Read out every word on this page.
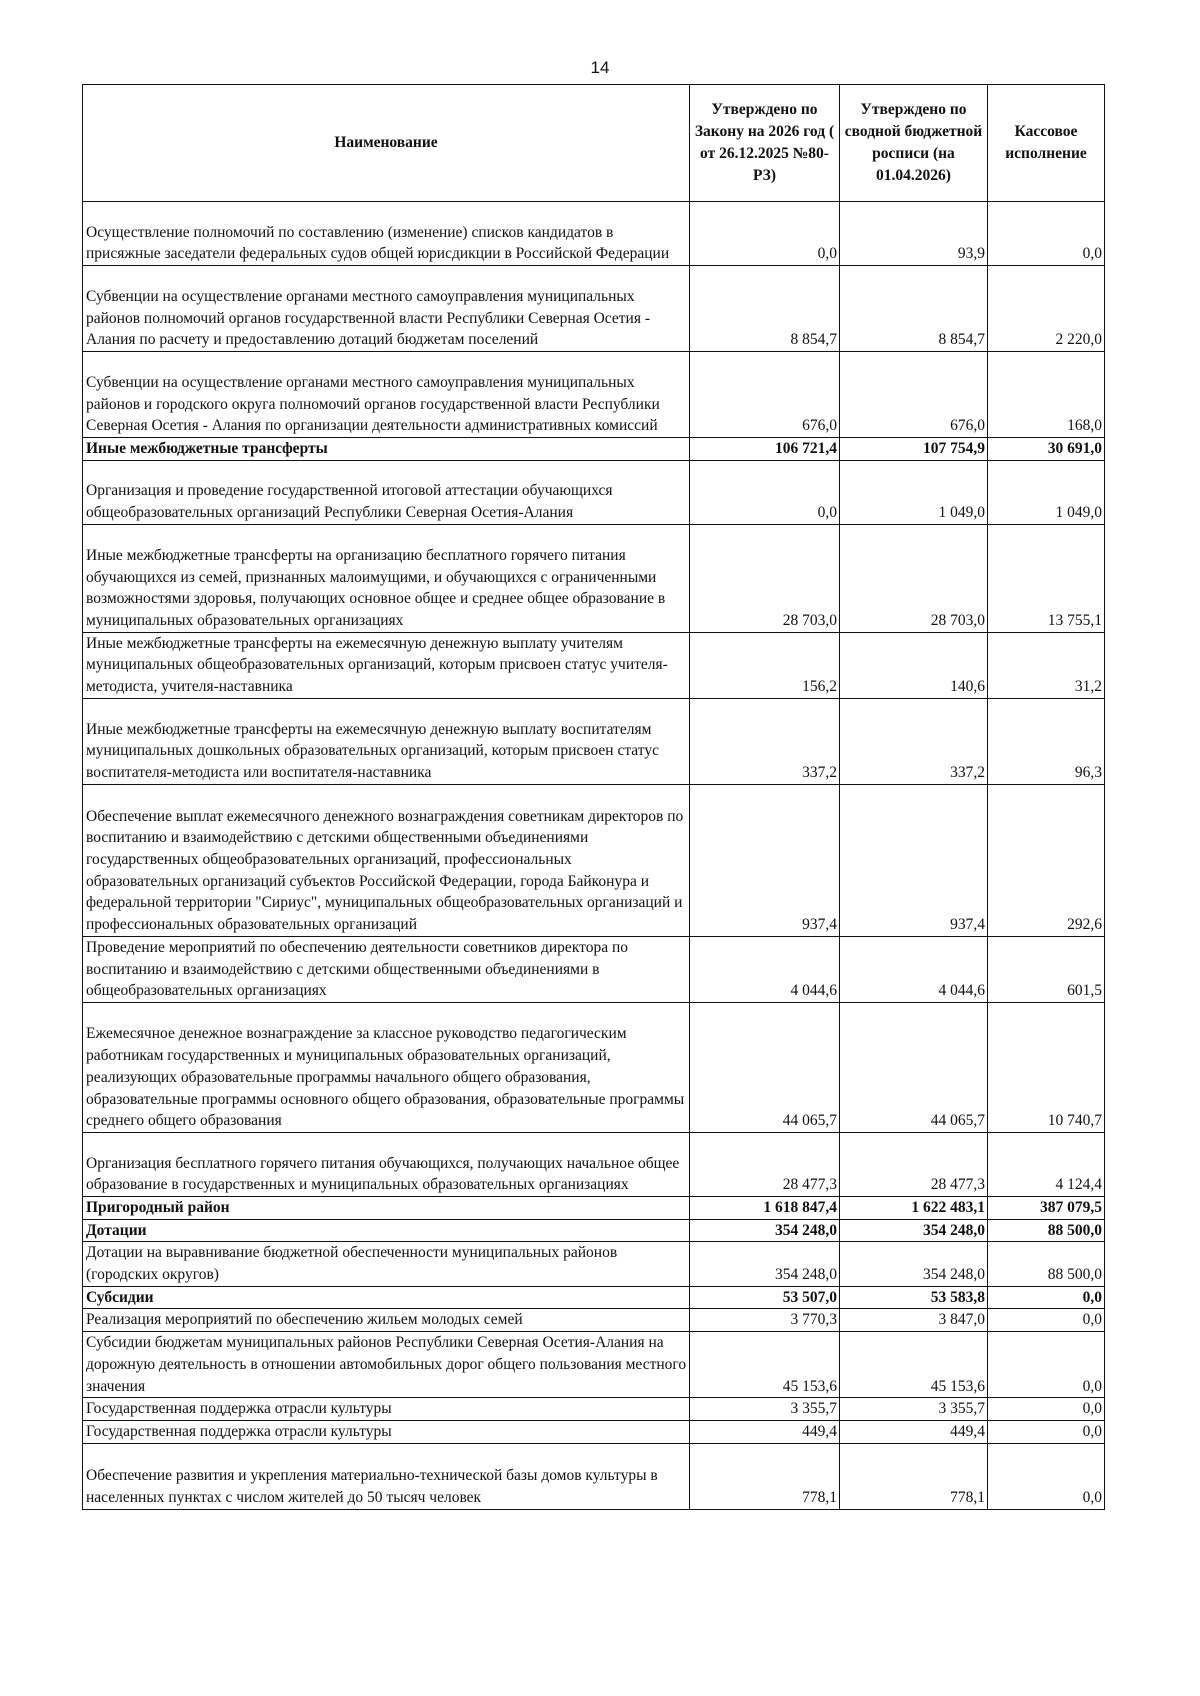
14
Наименование	Утверждено по Закону на 2026 год ( от 26.12.2025 №80-РЗ)	Утверждено по сводной бюджетной росписи (на 01.04.2026)	Кассовое исполнение
Осуществление полномочий по составлению (изменение) списков кандидатов в присяжные заседатели федеральных судов общей юрисдикции в Российской Федерации	0,0	93,9	0,0
Субвенции на осуществление органами местного самоуправления муниципальных районов полномочий органов государственной власти Республики Северная Осетия - Алания по расчету и предоставлению дотаций бюджетам поселений	8 854,7	8 854,7	2 220,0
Субвенции на осуществление органами местного самоуправления муниципальных районов и городского округа полномочий органов государственной власти Республики Северная Осетия - Алания по организации деятельности административных комиссий	676,0	676,0	168,0
Иные межбюджетные трансферты	106 721,4	107 754,9	30 691,0
Организация и проведение государственной итоговой аттестации обучающихся общеобразовательных организаций Республики Северная Осетия-Алания	0,0	1 049,0	1 049,0
Иные межбюджетные трансферты на организацию бесплатного горячего питания обучающихся из семей, признанных малоимущими, и обучающихся с ограниченными возможностями здоровья, получающих основное общее и среднее общее образование в муниципальных образовательных организациях	28 703,0	28 703,0	13 755,1
Иные межбюджетные трансферты на ежемесячную денежную выплату учителям муниципальных общеобразовательных организаций, которым присвоен статус учителя-методиста, учителя-наставника	156,2	140,6	31,2
Иные межбюджетные трансферты на ежемесячную денежную выплату воспитателям муниципальных дошкольных образовательных организаций, которым присвоен статус воспитателя-методиста или воспитателя-наставника	337,2	337,2	96,3
Обеспечение выплат ежемесячного денежного вознаграждения советникам директоров по воспитанию и взаимодействию с детскими общественными объединениями государственных общеобразовательных организаций, профессиональных образовательных организаций субъектов Российской Федерации, города Байконура и федеральной территории "Сириус", муниципальных общеобразовательных организаций и профессиональных образовательных организаций	937,4	937,4	292,6
Проведение мероприятий по обеспечению деятельности советников директора по воспитанию и взаимодействию с детскими общественными объединениями в общеобразовательных организациях	4 044,6	4 044,6	601,5
Ежемесячное денежное вознаграждение за классное руководство педагогическим работникам государственных и муниципальных образовательных организаций, реализующих образовательные программы начального общего образования, образовательные программы основного общего образования, образовательные программы среднего общего образования	44 065,7	44 065,7	10 740,7
Организация бесплатного горячего питания обучающихся, получающих начальное общее образование в государственных и муниципальных образовательных организациях	28 477,3	28 477,3	4 124,4
Пригородный район	1 618 847,4	1 622 483,1	387 079,5
Дотации	354 248,0	354 248,0	88 500,0
Дотации на выравнивание бюджетной обеспеченности муниципальных районов (городских округов)	354 248,0	354 248,0	88 500,0
Субсидии	53 507,0	53 583,8	0,0
Реализация мероприятий по обеспечению жильем молодых семей	3 770,3	3 847,0	0,0
Субсидии бюджетам муниципальных районов Республики Северная Осетия-Алания на дорожную деятельность в отношении автомобильных дорог общего пользования местного значения	45 153,6	45 153,6	0,0
Государственная поддержка отрасли культуры	3 355,7	3 355,7	0,0
Государственная поддержка отрасли культуры	449,4	449,4	0,0
Обеспечение развития и укрепления материально-технической базы домов культуры в населенных пунктах с числом жителей до 50 тысяч человек	778,1	778,1	0,0
